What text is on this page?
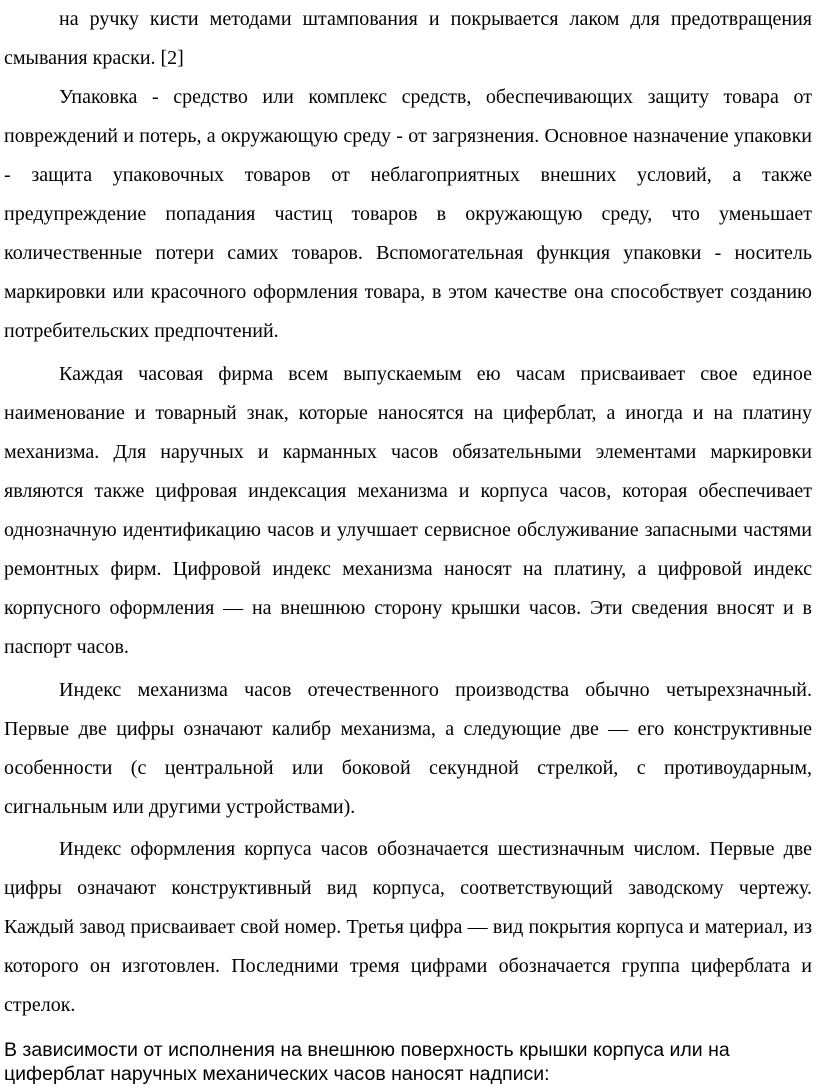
на ручку кисти методами штампования и покрывается лаком для предотвращения смывания краски. [2]

Упаковка - средство или комплекс средств, обеспечивающих защиту товара от повреждений и потерь, а окружающую среду - от загрязнения. Основное назначение упаковки - защита упаковочных товаров от неблагоприятных внешних условий, а также предупреждение попадания частиц товаров в окружающую среду, что уменьшает количественные потери самих товаров. Вспомогательная функция упаковки - носитель маркировки или красочного оформления товара, в этом качестве она способствует созданию потребительских предпочтений.

Каждая часовая фирма всем выпускаемым ею часам присваивает свое единое наименование и товарный знак, которые наносятся на циферблат, а иногда и на платину механизма. Для наручных и карманных часов обязательными элементами маркировки являются также цифровая индексация механизма и корпуса часов, которая обеспечивает однозначную идентификацию часов и улучшает сервисное обслуживание запасными частями ремонтных фирм. Цифровой индекс механизма наносят на платину, а цифровой индекс корпусного оформления — на внешнюю сторону крышки часов. Эти сведения вносят и в паспорт часов.

Индекс механизма часов отечественного производства обычно четырехзначный. Первые две цифры означают калибр механизма, а следующие две — его конструктивные особенности (с центральной или боковой секундной стрелкой, с противоударным, сигнальным или другими устройствами).

Индекс оформления корпуса часов обозначается шестизначным числом. Первые две цифры означают конструктивный вид корпуса, соответствующий заводскому чертежу. Каждый завод присваивает свой номер. Третья цифра — вид покрытия корпуса и материал, из которого он изготовлен. Последними тремя цифрами обозначается группа циферблата и стрелок.

В зависимости от исполнения на внешнюю поверхность крышки корпуса или на циферблат наручных механических часов наносят надписи:
